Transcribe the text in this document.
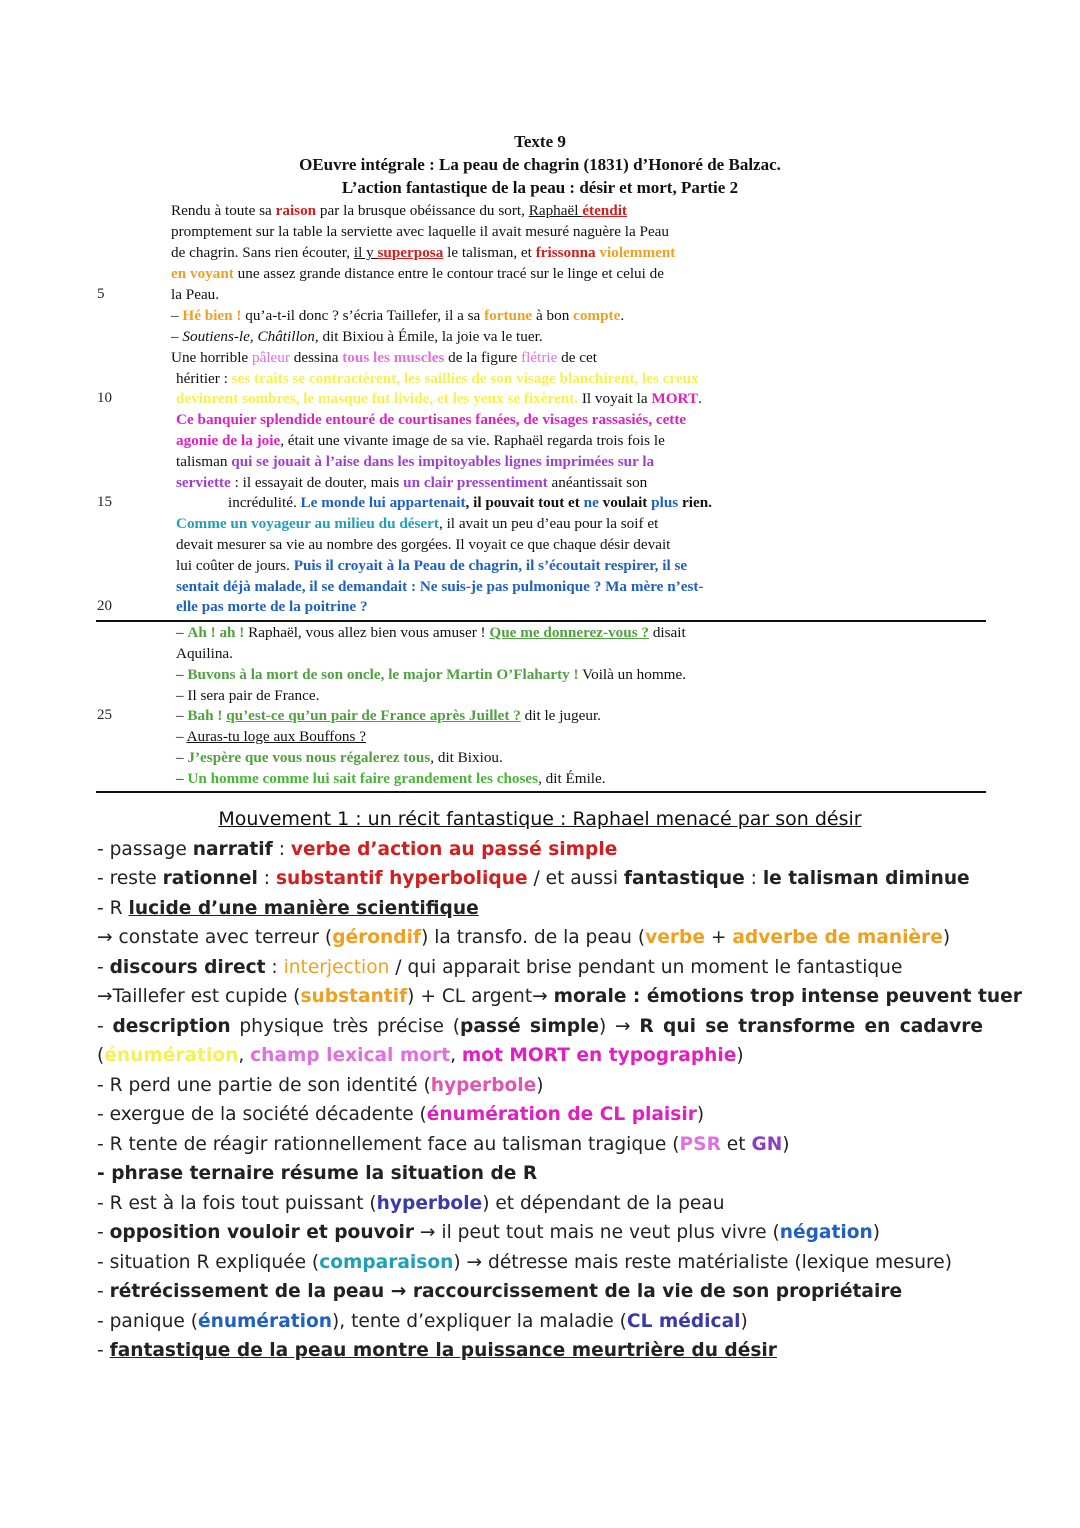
Texte 9
OEuvre intégrale : La peau de chagrin (1831) d’Honoré de Balzac.
L’action fantastique de la peau : désir et mort, Partie 2
5
10
15
20
25
Rendu à toute sa raison par la brusque obéissance du sort, Raphaël étendit
promptement sur la table la serviette avec laquelle il avait mesuré naguère la Peau
de chagrin. Sans rien écouter, il y superposa le talisman, et frissonna violemment
en voyant une assez grande distance entre le contour tracé sur le linge et celui de
la Peau.
– Hé bien ! qu’a-t-il donc ? s’écria Taillefer, il a sa fortune à bon compte.
– Soutiens-le, Châtillon, dit Bixiou à Émile, la joie va le tuer.
Une horrible pâleur dessina tous les muscles de la figure flétrie de cet
héritier : ses traits se contractèrent, les saillies de son visage blanchirent, les creux
devinrent sombres, le masque fut livide, et les yeux se fixèrent. Il voyait la MORT.
Ce banquier splendide entouré de courtisanes fanées, de visages rassasiés, cette
agonie de la joie, était une vivante image de sa vie. Raphaël regarda trois fois le
talisman qui se jouait à l’aise dans les impitoyables lignes imprimées sur la
serviette : il essayait de douter, mais un clair pressentiment anéantissait son
incrédulité. Le monde lui appartenait, il pouvait tout et ne voulait plus rien.
Comme un voyageur au milieu du désert, il avait un peu d’eau pour la soif et
devait mesurer sa vie au nombre des gorgées. Il voyait ce que chaque désir devait
lui coûter de jours. Puis il croyait à la Peau de chagrin, il s’écoutait respirer, il se
sentait déjà malade, il se demandait : Ne suis-je pas pulmonique ? Ma mère n’est-
elle pas morte de la poitrine ?
– Ah ! ah ! Raphaël, vous allez bien vous amuser ! Que me donnerez-vous ? disait
Aquilina.
– Buvons à la mort de son oncle, le major Martin O’Flaharty ! Voilà un homme.
– Il sera pair de France.
– Bah ! qu’est-ce qu’un pair de France après Juillet ? dit le jugeur.
– Auras-tu loge aux Bouffons ?
– J’espère que vous nous régalerez tous, dit Bixiou.
– Un homme comme lui sait faire grandement les choses, dit Émile.
Mouvement 1 : un récit fantastique : Raphael menacé par son désir
- passage narratif : verbe d’action au passé simple
- reste rationnel : substantif hyperbolique / et aussi fantastique : le talisman diminue
- R lucide d’une manière scientifique
→ constate avec terreur (gérondif) la transfo. de la peau (verbe + adverbe de manière)
- discours direct : interjection / qui apparait brise pendant un moment le fantastique
→Taillefer est cupide (substantif) + CL argent→ morale : émotions trop intense peuvent tuer
- description physique très précise (passé simple) → R qui se transforme en cadavre
(énumération, champ lexical mort, mot MORT en typographie)
- R perd une partie de son identité (hyperbole)
- exergue de la société décadente (énumération de CL plaisir)
- R tente de réagir rationnellement face au talisman tragique (PSR et GN)
- phrase ternaire résume la situation de R
- R est à la fois tout puissant (hyperbole) et dépendant de la peau
- opposition vouloir et pouvoir → il peut tout mais ne veut plus vivre (négation)
- situation R expliquée (comparaison) → détresse mais reste matérialiste (lexique mesure)
- rétrécissement de la peau → raccourcissement de la vie de son propriétaire
- panique (énumération), tente d’expliquer la maladie (CL médical)
- fantastique de la peau montre la puissance meurtrière du désir
